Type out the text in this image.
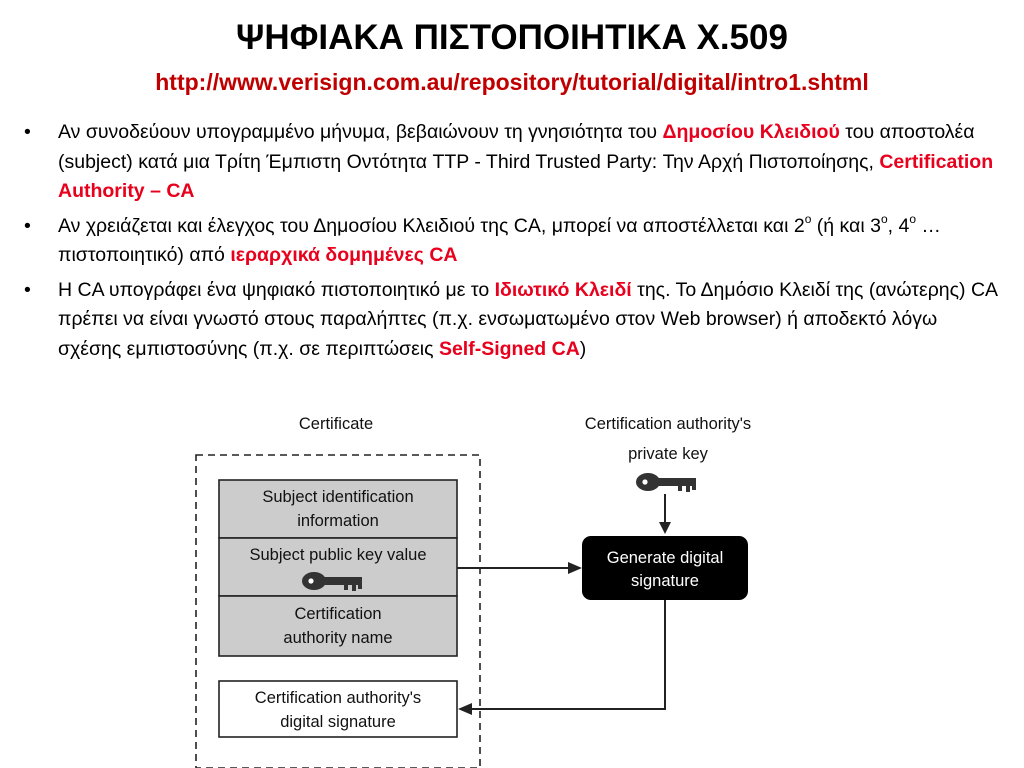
ΨΗΦΙΑΚΑ ΠΙΣΤΟΠΟΙΗΤΙΚΑ X.509
http://www.verisign.com.au/repository/tutorial/digital/intro1.shtml
• Αν συνοδεύουν υπογραμμένο μήνυμα, βεβαιώνουν τη γνησιότητα του Δημοσίου Κλειδιού του αποστολέα (subject) κατά μια Τρίτη Έμπιστη Οντότητα TTP - Third Trusted Party: Την Αρχή Πιστοποίησης, Certification Authority – CA
• Αν χρειάζεται και έλεγχος του Δημοσίου Κλειδιού της CA, μπορεί να αποστέλλεται και $2^o$ (ή και $3^o$, $4^o$ …πιστοποιητικό) από ιεραρχικά δομημένες CA
• Η CA υπογράφει ένα ψηφιακό πιστοποιητικό με το Ιδιωτικό Κλειδί της. Το Δημόσιο Κλειδί της (ανώτερης) CA πρέπει να είναι γνωστό στους παραλήπτες (π.χ. ενσωματωμένο στον Web browser) ή αποδεκτό λόγω σχέσης εμπιστοσύνης (π.χ. σε περιπτώσεις Self-Signed CA)
Certificate
Subject identification
information
Subject public key value
Certification
authority name
Certification authority's
digital signature
Certification authority's
private key
Generate digital
signature
